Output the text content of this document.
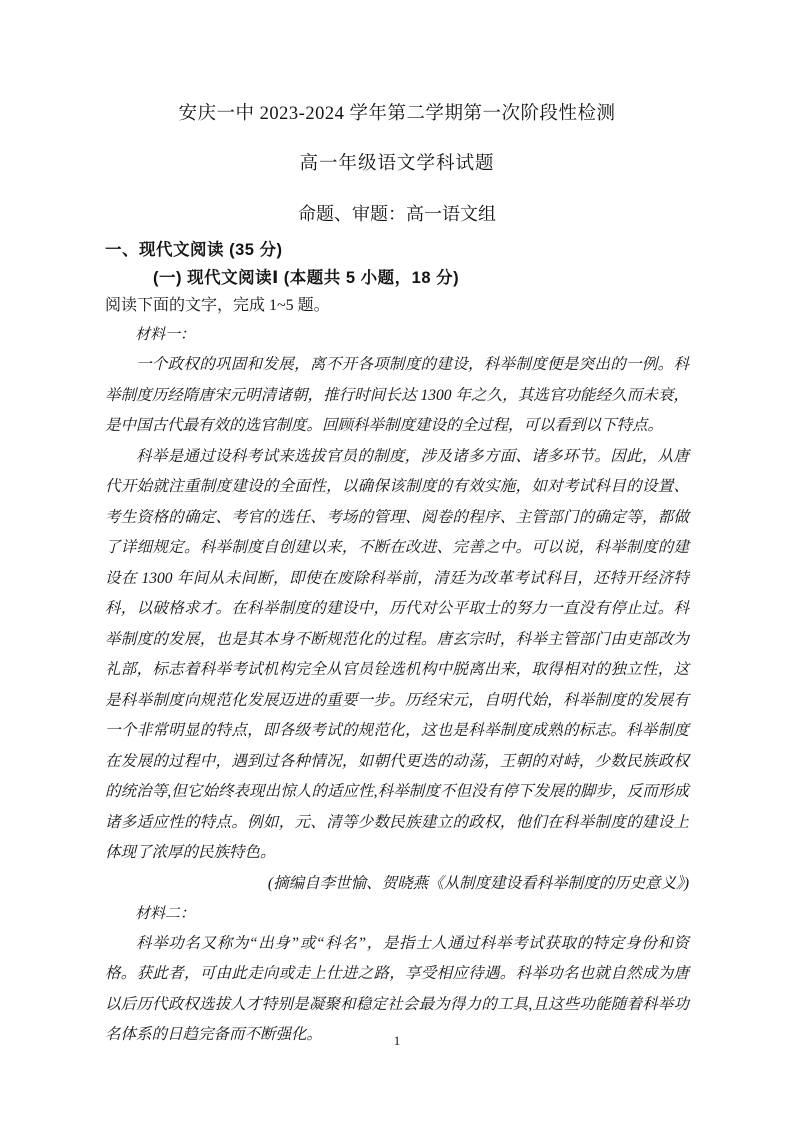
安庆一中 2023-2024 学年第二学期第一次阶段性检测
高一年级语文学科试题
命题、审题：高一语文组
一、现代文阅读 (35 分)
(一) 现代文阅读Ⅰ (本题共 5 小题，18 分)
阅读下面的文字，完成 1~5 题。
材料一：

一个政权的巩固和发展，离不开各项制度的建设，科举制度便是突出的一例。科举制度历经隋唐宋元明清诸朝，推行时间长达 1300 年之久，其选官功能经久而未衰，是中国古代最有效的选官制度。回顾科举制度建设的全过程，可以看到以下特点。

科举是通过设科考试来选拔官员的制度，涉及诸多方面、诸多环节。因此，从唐代开始就注重制度建设的全面性，以确保该制度的有效实施，如对考试科目的设置、考生资格的确定、考官的选任、考场的管理、阅卷的程序、主管部门的确定等，都做了详细规定。科举制度自创建以来，不断在改进、完善之中。可以说，科举制度的建设在 1300 年间从未间断，即使在废除科举前，清廷为改革考试科目，还特开经济特科，以破格求才。在科举制度的建设中，历代对公平取士的努力一直没有停止过。科举制度的发展，也是其本身不断规范化的过程。唐玄宗时，科举主管部门由吏部改为礼部，标志着科举考试机构完全从官员铨选机构中脱离出来，取得相对的独立性，这是科举制度向规范化发展迈进的重要一步。历经宋元，自明代始，科举制度的发展有一个非常明显的特点，即各级考试的规范化，这也是科举制度成熟的标志。科举制度在发展的过程中，遇到过各种情况，如朝代更迭的动荡，王朝的对峙，少数民族政权的统治等,但它始终表现出惊人的适应性,科举制度不但没有停下发展的脚步，反而形成诸多适应性的特点。例如，元、清等少数民族建立的政权，他们在科举制度的建设上体现了浓厚的民族特色。

(摘编自李世愉、贺晓燕《从制度建设看科举制度的历史意义》)
材料二：

科举功名又称为“出身”或“科名”，是指士人通过科举考试获取的特定身份和资格。获此者，可由此走向或走上仕进之路，享受相应待遇。科举功名也就自然成为唐以后历代政权选拔人才特别是凝聚和稳定社会最为得力的工具,且这些功能随着科举功名体系的日趋完备而不断强化。	1
